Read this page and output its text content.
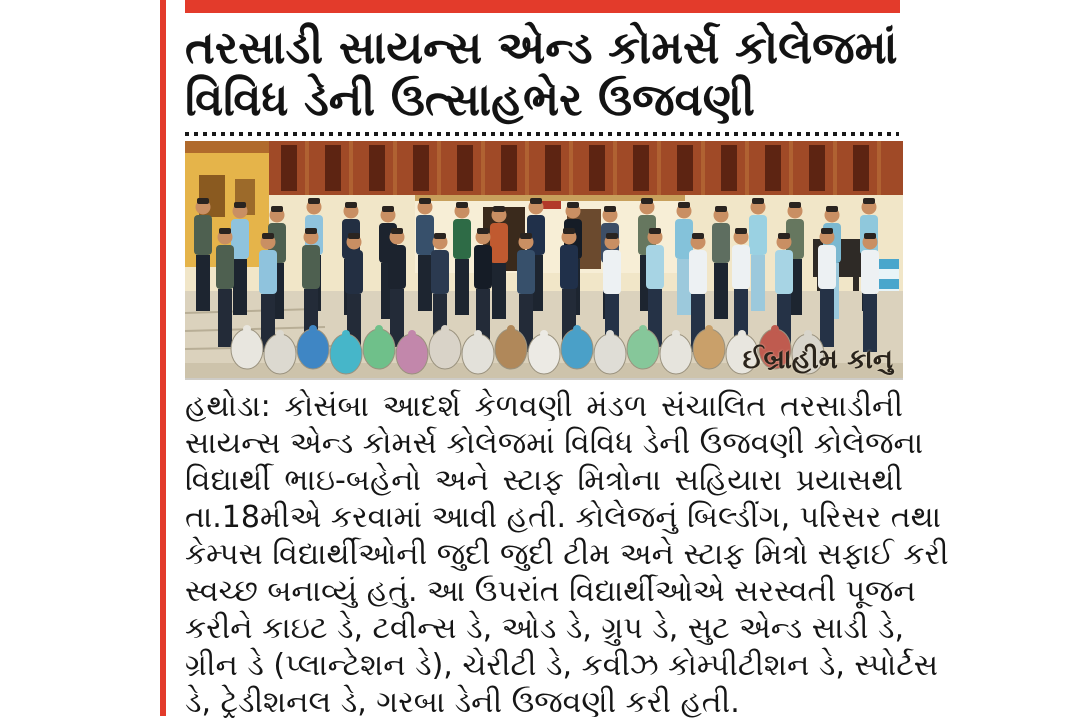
તરસાડી સાયન્સ એન્ડ કોમર્સ કોલેજમાં
વિવિધ ડેની ઉત્સાહભેર ઉજવણી
ઈબ્રાહીમ કાનુ
હથોડા: કોસંબા આદર્શ કેળવણી મંડળ સંચાલિત તરસાડીની
સાયન્સ એન્ડ કોમર્સ કોલેજમાં વિવિધ ડેની ઉજવણી કોલેજના
વિદ્યાર્થી ભાઇ-બહેનો અને સ્ટાફ મિત્રોના સહિયારા પ્રયાસથી
તા.18મીએ કરવામાં આવી હતી. કોલેજનું બિલ્ડીંગ, પરિસર તથા
કેમ્પસ વિદ્યાર્થીઓની જુદી જુદી ટીમ અને સ્ટાફ મિત્રો સફાઈ કરી
સ્વચ્છ બનાવ્યું હતું. આ ઉપરાંત વિદ્યાર્થીઓએ સરસ્વતી પૂજન
કરીને કાઇટ ડે, ટવીન્સ ડે, ઓડ ડે, ગ્રુપ ડે, સુટ એન્ડ સાડી ડે,
ગ્રીન ડે (પ્લાન્ટેશન ડે), ચેરીટી ડે, કવીઝ કોમ્પીટીશન ડે, સ્પોર્ટસ
ડે, ટ્રેડીશનલ ડે, ગરબા ડેની ઉજવણી કરી હતી.
